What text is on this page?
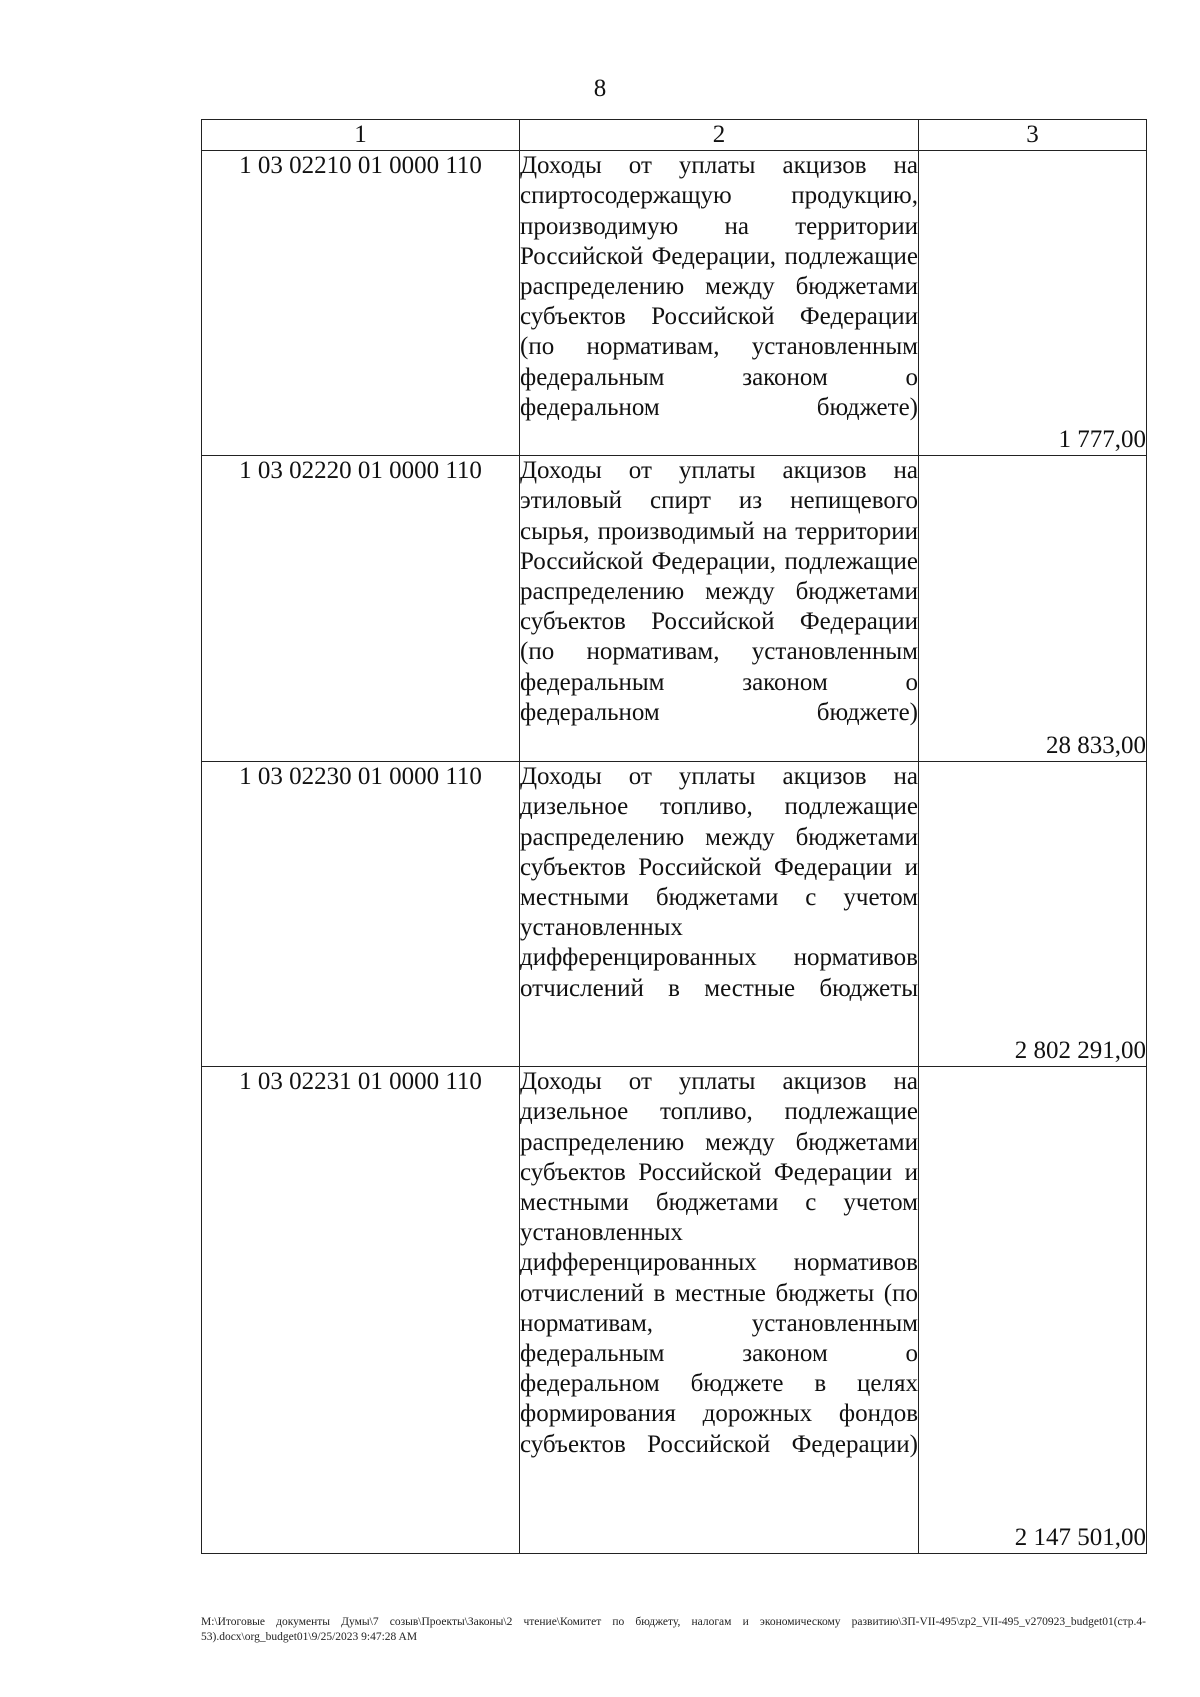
8
1	2	3
1 03 02210 01 0000 110	Доходы от уплаты акцизов на спиртосодержащую продукцию, производимую на территории Российской Федерации, подлежащие распределению между бюджетами субъектов Российской Федерации (по нормативам, установленным федеральным законом о федеральном бюджете)	1 777,00
1 03 02220 01 0000 110	Доходы от уплаты акцизов на этиловый спирт из непищевого сырья, производимый на территории Российской Федерации, подлежащие распределению между бюджетами субъектов Российской Федерации (по нормативам, установленным федеральным законом о федеральном бюджете)	28 833,00
1 03 02230 01 0000 110	Доходы от уплаты акцизов на дизельное топливо, подлежащие распределению между бюджетами субъектов Российской Федерации и местными бюджетами с учетом установленных дифференцированных нормативов отчислений в местные бюджеты	2 802 291,00
1 03 02231 01 0000 110	Доходы от уплаты акцизов на дизельное топливо, подлежащие распределению между бюджетами субъектов Российской Федерации и местными бюджетами с учетом установленных дифференцированных нормативов отчислений в местные бюджеты (по нормативам, установленным федеральным законом о федеральном бюджете в целях формирования дорожных фондов субъектов Российской Федерации)	2 147 501,00
M:\Итоговые документы Думы\7 созыв\Проекты\Законы\2 чтение\Комитет по бюджету, налогам и экономическому развитию\ЗП-VII-495\zp2_VII-495_v270923_budget01(стр.4-53).docx\org_budget01\9/25/2023 9:47:28 AM
